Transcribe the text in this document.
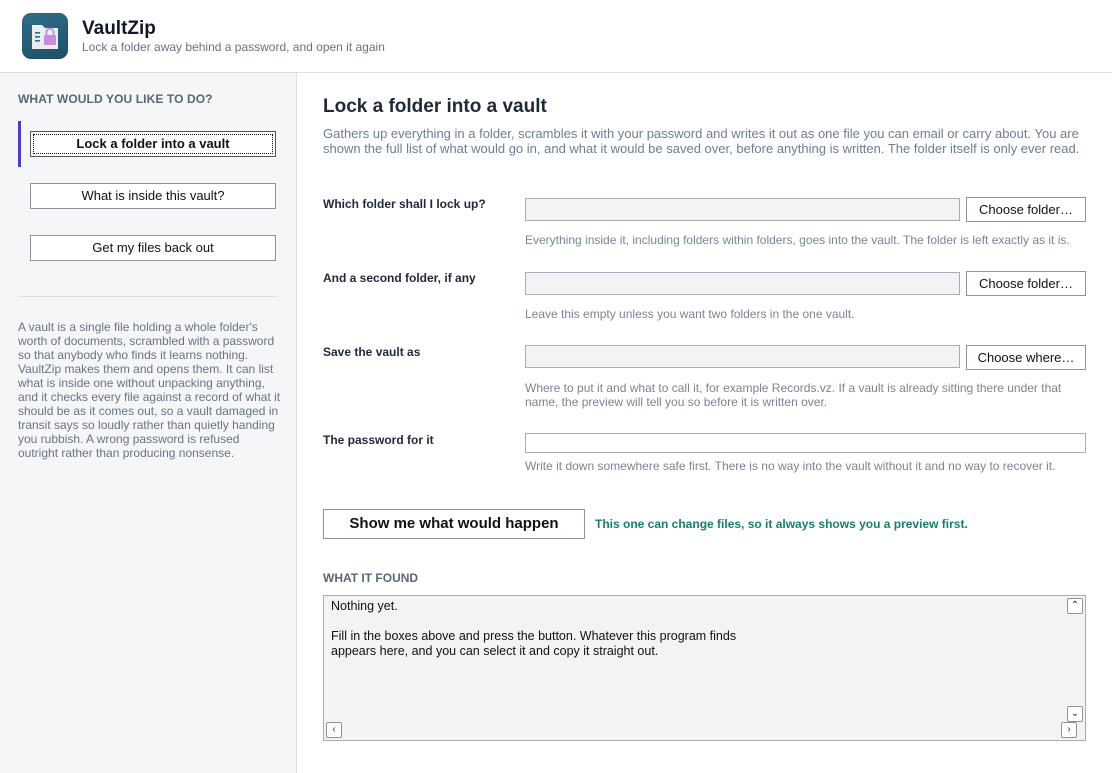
VaultZip
Lock a folder away behind a password, and open it again
WHAT WOULD YOU LIKE TO DO?
Lock a folder into a vault
What is inside this vault?
Get my files back out
A vault is a single file holding a whole folder's worth of documents, scrambled with a password so that anybody who finds it learns nothing. VaultZip makes them and opens them. It can list what is inside one without unpacking anything, and it checks every file against a record of what it should be as it comes out, so a vault damaged in transit says so loudly rather than quietly handing you rubbish. A wrong password is refused outright rather than producing nonsense.
Lock a folder into a vault
Gathers up everything in a folder, scrambles it with your password and writes it out as one file you can email or carry about. You are shown the full list of what would go in, and what it would be saved over, before anything is written. The folder itself is only ever read.
Which folder shall I lock up?	Choose folder…
Everything inside it, including folders within folders, goes into the vault. The folder is left exactly as it is.
And a second folder, if any	Choose folder…
Leave this empty unless you want two folders in the one vault.
Save the vault as	Choose where…
Where to put it and what to call it, for example Records.vz. If a vault is already sitting there under that name, the preview will tell you so before it is written over.
The password for it
Write it down somewhere safe first. There is no way into the vault without it and no way to recover it.
Show me what would happen	This one can change files, so it always shows you a preview first.
WHAT IT FOUND
Nothing yet.

Fill in the boxes above and press the button. Whatever this program finds
appears here, and you can select it and copy it straight out.
⌃
⌄
‹	›
